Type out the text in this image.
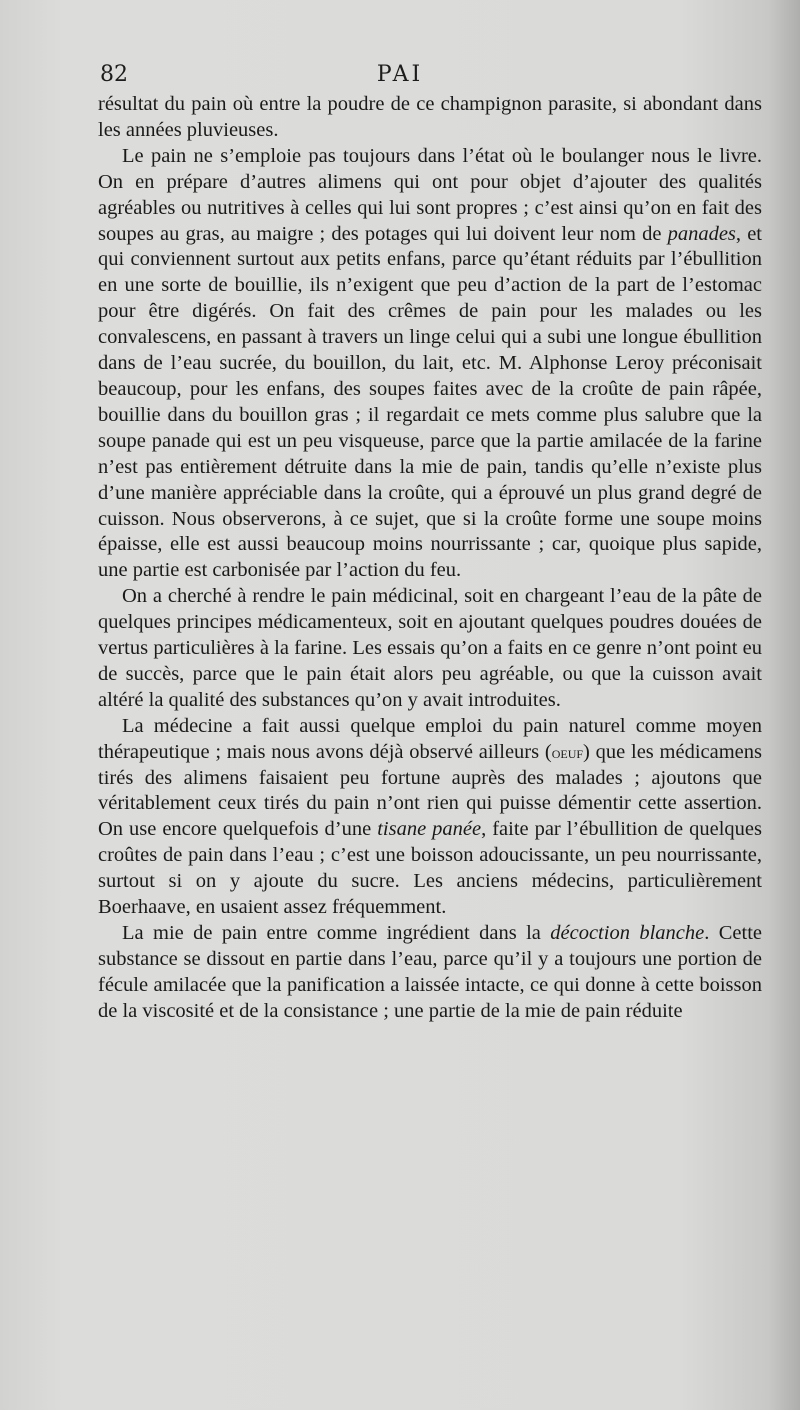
82	PAI

résultat du pain où entre la poudre de ce champignon parasite, si abondant dans les années pluvieuses.

Le pain ne s’emploie pas toujours dans l’état où le boulanger nous le livre. On en prépare d’autres alimens qui ont pour objet d’ajouter des qualités agréables ou nutritives à celles qui lui sont propres ; c’est ainsi qu’on en fait des soupes au gras, au maigre ; des potages qui lui doivent leur nom de panades, et qui conviennent surtout aux petits enfans, parce qu’étant réduits par l’ébullition en une sorte de bouillie, ils n’exigent que peu d’action de la part de l’estomac pour être digérés. On fait des crêmes de pain pour les malades ou les convalescens, en passant à travers un linge celui qui a subi une longue ébullition dans de l’eau sucrée, du bouillon, du lait, etc. M. Alphonse Leroy préconisait beaucoup, pour les enfans, des soupes faites avec de la croûte de pain râpée, bouillie dans du bouillon gras ; il regardait ce mets comme plus salubre que la soupe panade qui est un peu visqueuse, parce que la partie amilacée de la farine n’est pas entièrement détruite dans la mie de pain, tandis qu’elle n’existe plus d’une manière appréciable dans la croûte, qui a éprouvé un plus grand degré de cuisson. Nous observerons, à ce sujet, que si la croûte forme une soupe moins épaisse, elle est aussi beaucoup moins nourrissante ; car, quoique plus sapide, une partie est carbonisée par l’action du feu.

On a cherché à rendre le pain médicinal, soit en chargeant l’eau de la pâte de quelques principes médicamenteux, soit en ajoutant quelques poudres douées de vertus particulières à la farine. Les essais qu’on a faits en ce genre n’ont point eu de succès, parce que le pain était alors peu agréable, ou que la cuisson avait altéré la qualité des substances qu’on y avait introduites.

La médecine a fait aussi quelque emploi du pain naturel comme moyen thérapeutique ; mais nous avons déjà observé ailleurs (oeuf) que les médicamens tirés des alimens faisaient peu fortune auprès des malades ; ajoutons que véritablement ceux tirés du pain n’ont rien qui puisse démentir cette assertion. On use encore quelquefois d’une tisane panée, faite par l’ébullition de quelques croûtes de pain dans l’eau ; c’est une boisson adoucissante, un peu nourrissante, surtout si on y ajoute du sucre. Les anciens médecins, particulièrement Boerhaave, en usaient assez fréquemment.

La mie de pain entre comme ingrédient dans la décoction blanche. Cette substance se dissout en partie dans l’eau, parce qu’il y a toujours une portion de fécule amilacée que la panification a laissée intacte, ce qui donne à cette boisson de la viscosité et de la consistance ; une partie de la mie de pain réduite
